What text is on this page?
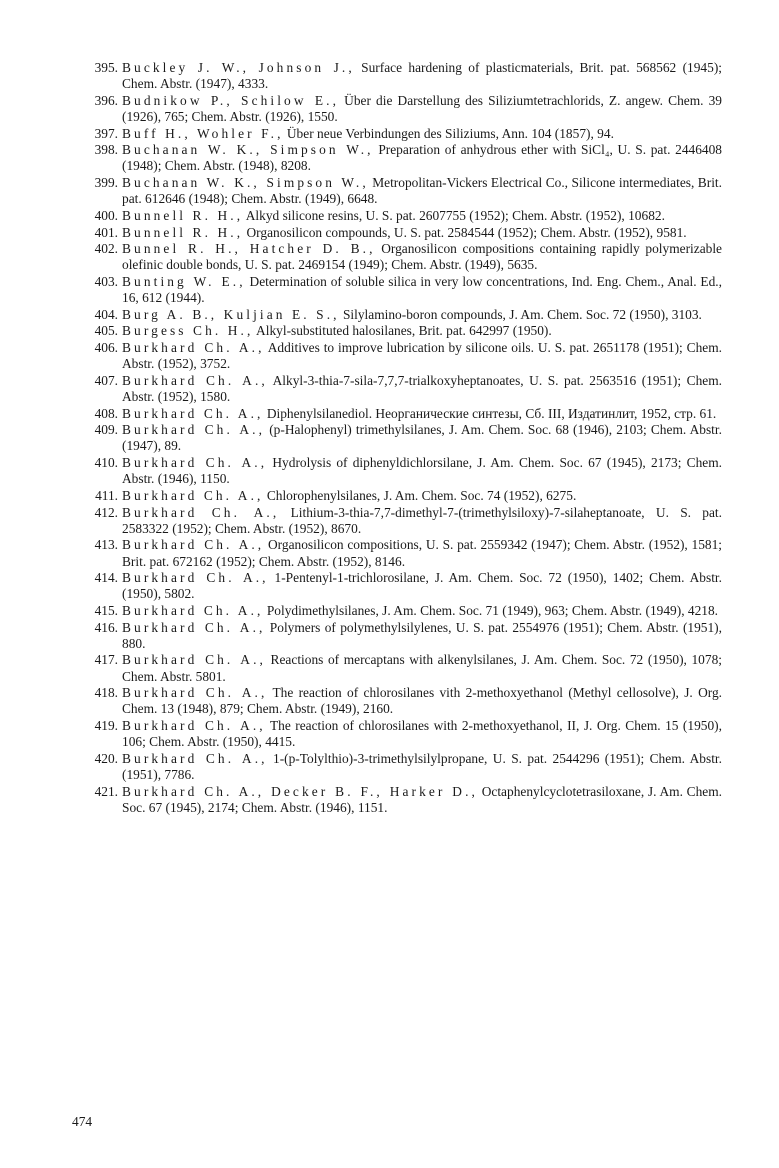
395. Buckley J. W., Johnson J., Surface hardening of plasticmaterials, Brit. pat. 568562 (1945); Chem. Abstr. (1947), 4333.

396. Budnikow P., Schilow E., Über die Darstellung des Siliziumtetrachlorids, Z. angew. Chem. 39 (1926), 765; Chem. Abstr. (1926), 1550.

397. Buff H., Wohler F., Über neue Verbindungen des Siliziums, Ann. 104 (1857), 94.

398. Buchanan W. K., Simpson W., Preparation of anhydrous ether with SiCl₄, U. S. pat. 2446408 (1948); Chem. Abstr. (1948), 8208.

399. Buchanan W. K., Simpson W., Metropolitan-Vickers Electrical Co., Silicone intermediates, Brit. pat. 612646 (1948); Chem. Abstr. (1949), 6648.

400. Bunnell R. H., Alkyd silicone resins, U. S. pat. 2607755 (1952); Chem. Abstr. (1952), 10682.

401. Bunnell R. H., Organosilicon compounds, U. S. pat. 2584544 (1952); Chem. Abstr. (1952), 9581.

402. Bunnel R. H., Hatcher D. B., Organosilicon compositions containing rapidly polymerizable olefinic double bonds, U. S. pat. 2469154 (1949); Chem. Abstr. (1949), 5635.

403. Bunting W. E., Determination of soluble silica in very low concentrations, Ind. Eng. Chem., Anal. Ed., 16, 612 (1944).

404. Burg A. B., Kuljian E. S., Silylamino-boron compounds, J. Am. Chem. Soc. 72 (1950), 3103.

405. Burgess Ch. H., Alkyl-substituted halosilanes, Brit. pat. 642997 (1950).

406. Burkhard Ch. A., Additives to improve lubrication by silicone oils. U. S. pat. 2651178 (1951); Chem. Abstr. (1952), 3752.

407. Burkhard Ch. A., Alkyl-3-thia-7-sila-7,7,7-trialkoxyheptanoates, U. S. pat. 2563516 (1951); Chem. Abstr. (1952), 1580.

408. Burkhard Ch. A., Diphenylsilanediol. Неорганические синтезы, Сб. III, Издатинлит, 1952, стр. 61.

409. Burkhard Ch. A., (p-Halophenyl) trimethylsilanes, J. Am. Chem. Soc. 68 (1946), 2103; Chem. Abstr. (1947), 89.

410. Burkhard Ch. A., Hydrolysis of diphenyldichlorsilane, J. Am. Chem. Soc. 67 (1945), 2173; Chem. Abstr. (1946), 1150.

411. Burkhard Ch. A., Chlorophenylsilanes, J. Am. Chem. Soc. 74 (1952), 6275.

412. Burkhard Ch. A., Lithium-3-thia-7,7-dimethyl-7-(trimethylsiloxy)-7-silaheptanoate, U. S. pat. 2583322 (1952); Chem. Abstr. (1952), 8670.

413. Burkhard Ch. A., Organosilicon compositions, U. S. pat. 2559342 (1947); Chem. Abstr. (1952), 1581; Brit. pat. 672162 (1952); Chem. Abstr. (1952), 8146.

414. Burkhard Ch. A., 1-Pentenyl-1-trichlorosilane, J. Am. Chem. Soc. 72 (1950), 1402; Chem. Abstr. (1950), 5802.

415. Burkhard Ch. A., Polydimethylsilanes, J. Am. Chem. Soc. 71 (1949), 963; Chem. Abstr. (1949), 4218.

416. Burkhard Ch. A., Polymers of polymethylsilylenes, U. S. pat. 2554976 (1951); Chem. Abstr. (1951), 880.

417. Burkhard Ch. A., Reactions of mercaptans with alkenylsilanes, J. Am. Chem. Soc. 72 (1950), 1078; Chem. Abstr. 5801.

418. Burkhard Ch. A., The reaction of chlorosilanes vith 2-methoxyethanol (Methyl cellosolve), J. Org. Chem. 13 (1948), 879; Chem. Abstr. (1949), 2160.

419. Burkhard Ch. A., The reaction of chlorosilanes with 2-methoxyethanol, II, J. Org. Chem. 15 (1950), 106; Chem. Abstr. (1950), 4415.

420. Burkhard Ch. A., 1-(p-Tolylthio)-3-trimethylsilylpropane, U. S. pat. 2544296 (1951); Chem. Abstr. (1951), 7786.

421. Burkhard Ch. A., Decker B. F., Harker D., Octaphenylcyclotetrasiloxane, J. Am. Chem. Soc. 67 (1945), 2174; Chem. Abstr. (1946), 1151.

474
